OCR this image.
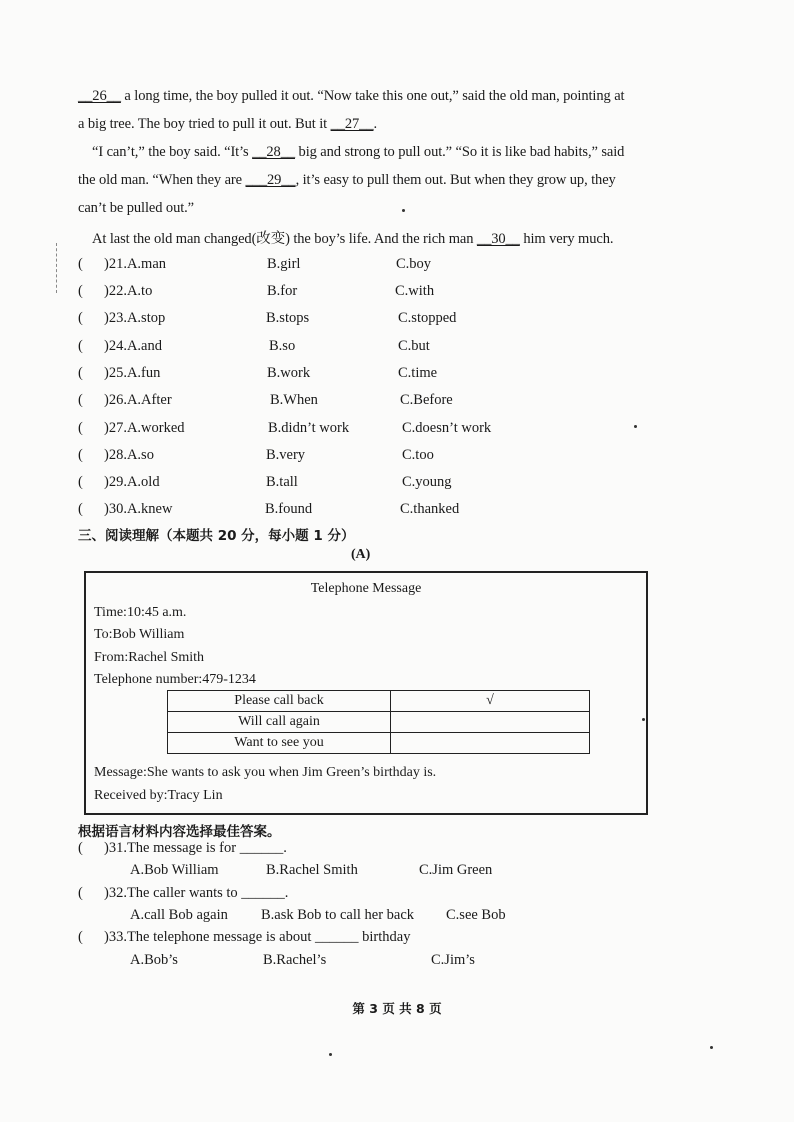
__26__ a long time, the boy pulled it out. “Now take this one out,” said the old man, pointing at
a big tree. The boy tried to pull it out. But it __27__.
“I can’t,” the boy said. “It’s __28__ big and strong to pull out.” “So it is like bad habits,” said
the old man. “When they are ___29__, it’s easy to pull them out. But when they grow up, they
can’t be pulled out.”
At last the old man changed(改变) the boy’s life. And the rich man __30__ him very much.
( )21.A.man	B.girl	C.boy
( )22.A.to	B.for	C.with
( )23.A.stop	B.stops	C.stopped
( )24.A.and	B.so	C.but
( )25.A.fun	B.work	C.time
( )26.A.After	B.When	C.Before
( )27.A.worked	B.didn’t work	C.doesn’t work
( )28.A.so	B.very	C.too
( )29.A.old	B.tall	C.young
( )30.A.knew	B.found	C.thanked
三、阅读理解（本题共 20 分，每小题 1 分）
(A)
Telephone Message
Time:10:45 a.m.
To:Bob William
From:Rachel Smith
Telephone number:479-1234
Please call back	√
Will call again	
Want to see you	
Message:She wants to ask you when Jim Green’s birthday is.
Received by:Tracy Lin
根据语言材料内容选择最佳答案。
( )31.The message is for ______.
A.Bob William	B.Rachel Smith	C.Jim Green
( )32.The caller wants to ______.
A.call Bob again B.ask Bob to call her back C.see Bob
( )33.The telephone message is about ______ birthday
A.Bob’s	B.Rachel’s	C.Jim’s
第 3 页 共 8 页
